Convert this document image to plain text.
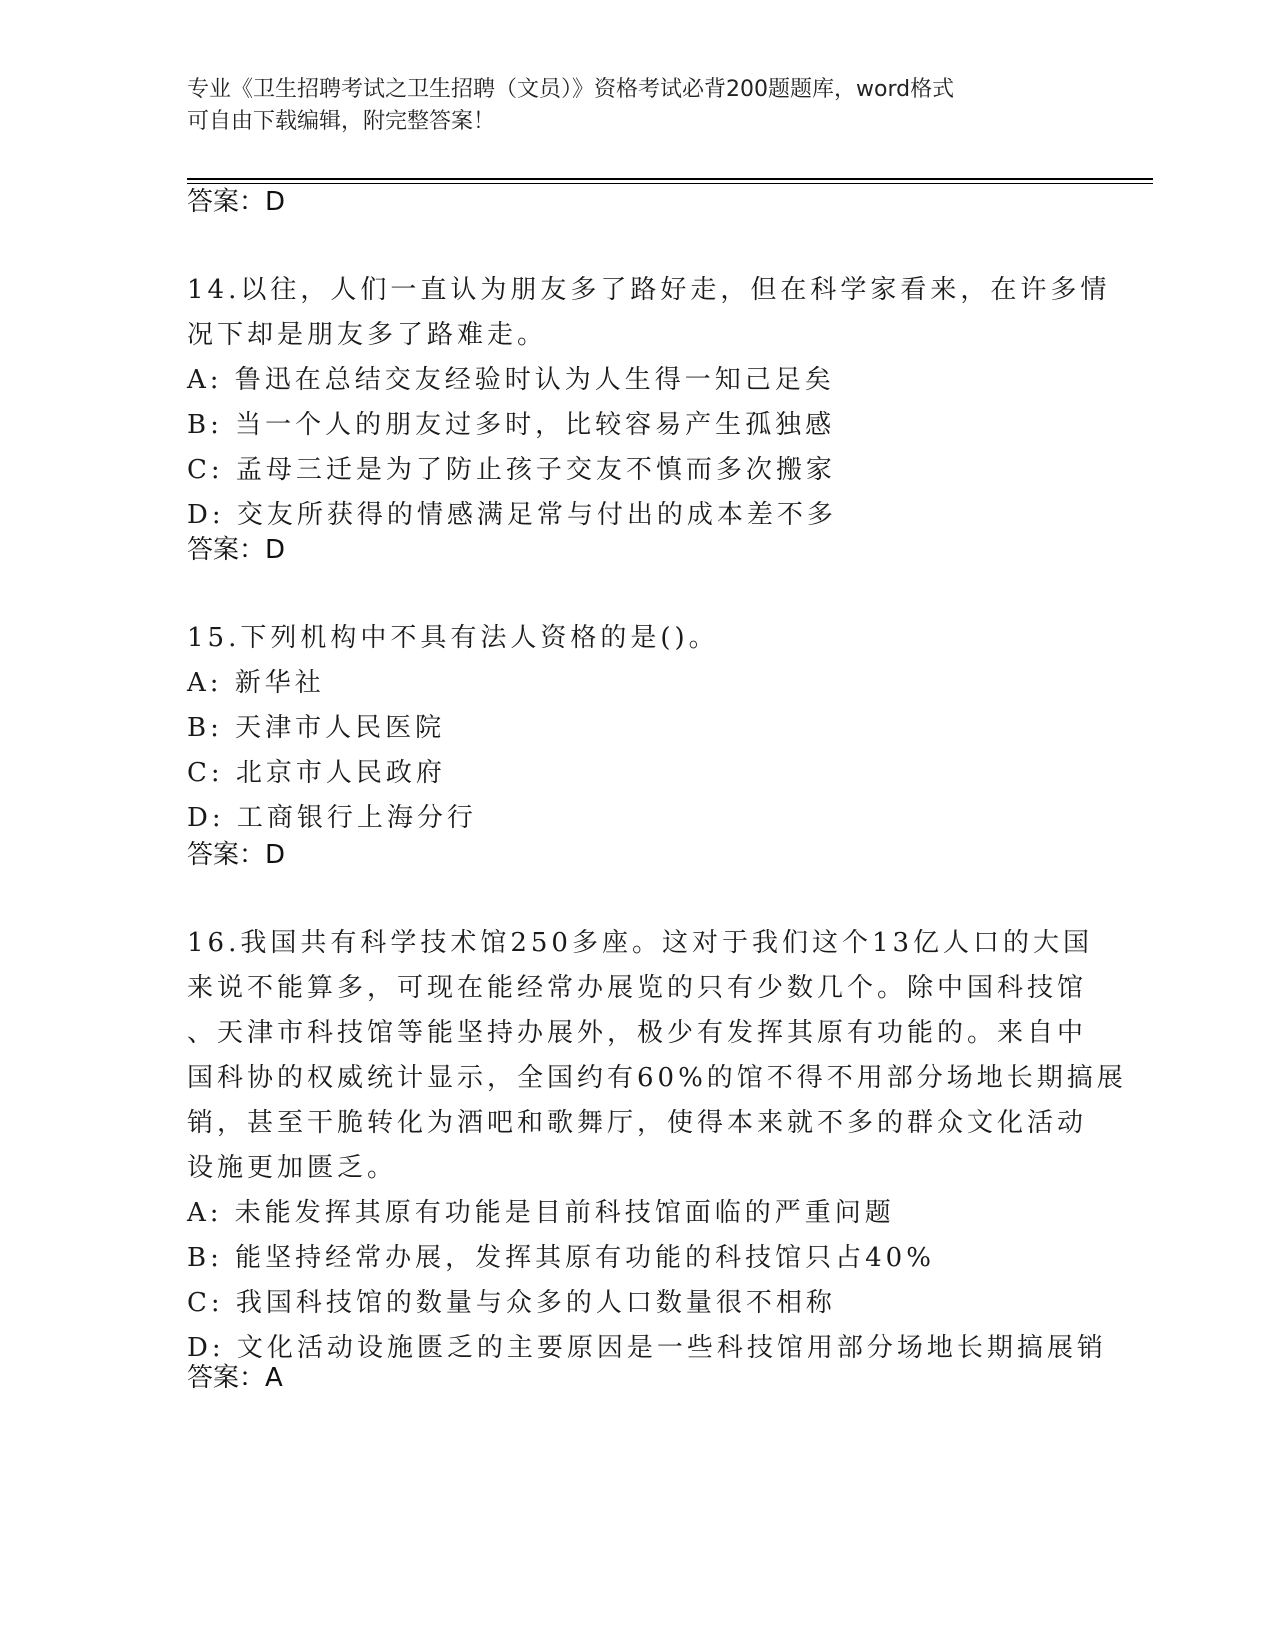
专业《卫生招聘考试之卫生招聘（文员）》资格考试必背200题题库，word格式
可自由下载编辑，附完整答案！
答案：D
14.以往，人们一直认为朋友多了路好走，但在科学家看来，在许多情
况下却是朋友多了路难走。
A: 鲁迅在总结交友经验时认为人生得一知己足矣
B: 当一个人的朋友过多时，比较容易产生孤独感
C: 孟母三迁是为了防止孩子交友不慎而多次搬家
D: 交友所获得的情感满足常与付出的成本差不多
答案：D
15.下列机构中不具有法人资格的是()。
A: 新华社
B: 天津市人民医院
C: 北京市人民政府
D: 工商银行上海分行
答案：D
16.我国共有科学技术馆250多座。这对于我们这个13亿人口的大国
来说不能算多，可现在能经常办展览的只有少数几个。除中国科技馆
、天津市科技馆等能坚持办展外，极少有发挥其原有功能的。来自中
国科协的权威统计显示，全国约有60%的馆不得不用部分场地长期搞展
销，甚至干脆转化为酒吧和歌舞厅，使得本来就不多的群众文化活动
设施更加匮乏。
A: 未能发挥其原有功能是目前科技馆面临的严重问题
B: 能坚持经常办展，发挥其原有功能的科技馆只占40%
C: 我国科技馆的数量与众多的人口数量很不相称
D: 文化活动设施匮乏的主要原因是一些科技馆用部分场地长期搞展销
答案：A
